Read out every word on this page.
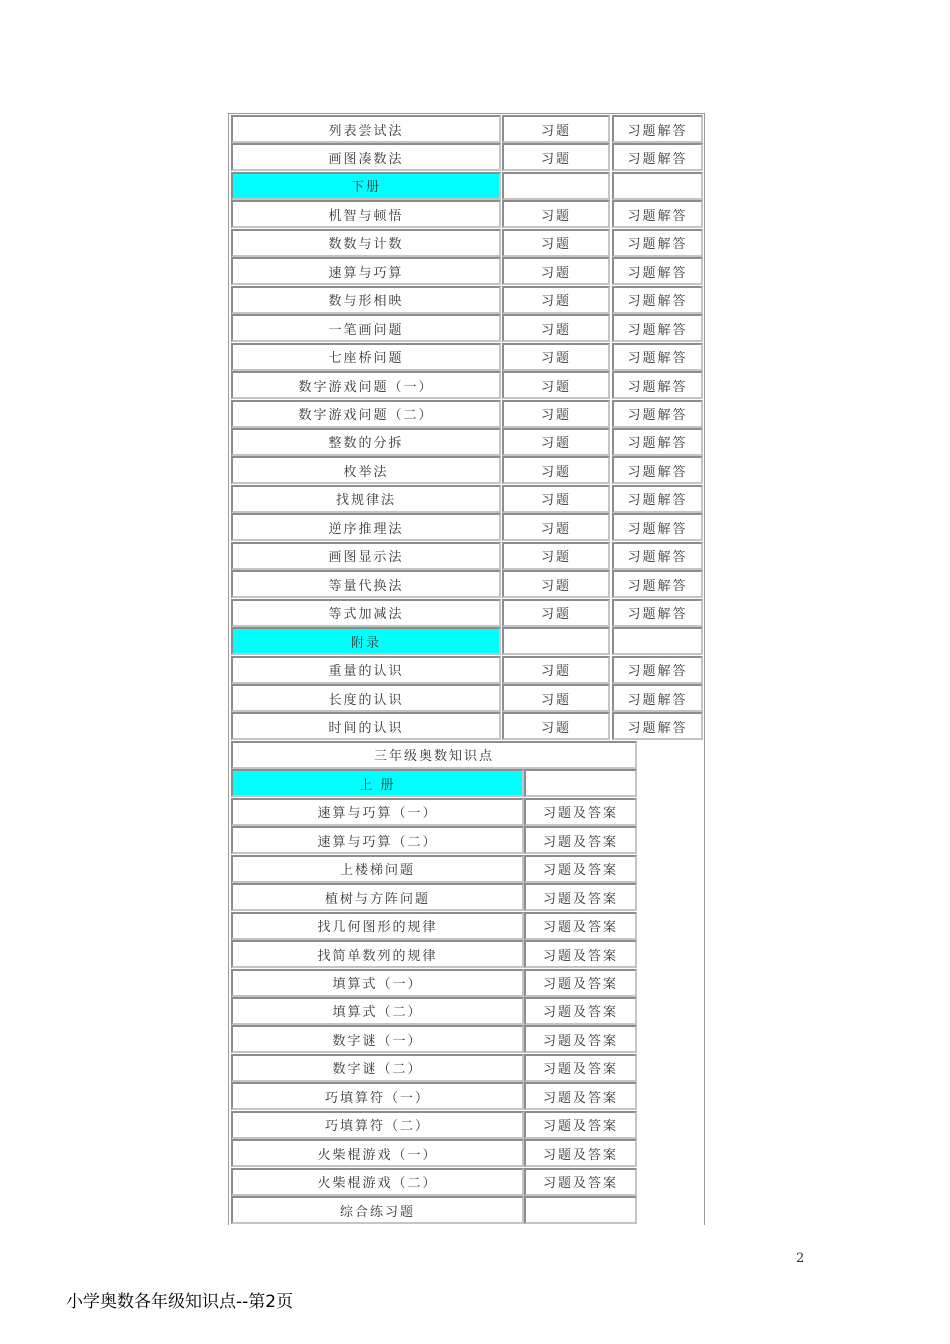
列表尝试法	习题	习题解答
画图凑数法	习题	习题解答
下册
机智与顿悟	习题	习题解答
数数与计数	习题	习题解答
速算与巧算	习题	习题解答
数与形相映	习题	习题解答
一笔画问题	习题	习题解答
七座桥问题	习题	习题解答
数字游戏问题（一）	习题	习题解答
数字游戏问题（二）	习题	习题解答
整数的分拆	习题	习题解答
枚举法	习题	习题解答
找规律法	习题	习题解答
逆序推理法	习题	习题解答
画图显示法	习题	习题解答
等量代换法	习题	习题解答
等式加减法	习题	习题解答
附录
重量的认识	习题	习题解答
长度的认识	习题	习题解答
时间的认识	习题	习题解答
三年级奥数知识点
上 册
速算与巧算（一）	习题及答案
速算与巧算（二）	习题及答案
上楼梯问题	习题及答案
植树与方阵问题	习题及答案
找几何图形的规律	习题及答案
找简单数列的规律	习题及答案
填算式（一）	习题及答案
填算式（二）	习题及答案
数字谜（一）	习题及答案
数字谜（二）	习题及答案
巧填算符（一）	习题及答案
巧填算符（二）	习题及答案
火柴棍游戏（一）	习题及答案
火柴棍游戏（二）	习题及答案
综合练习题
2
小学奥数各年级知识点--第2页
